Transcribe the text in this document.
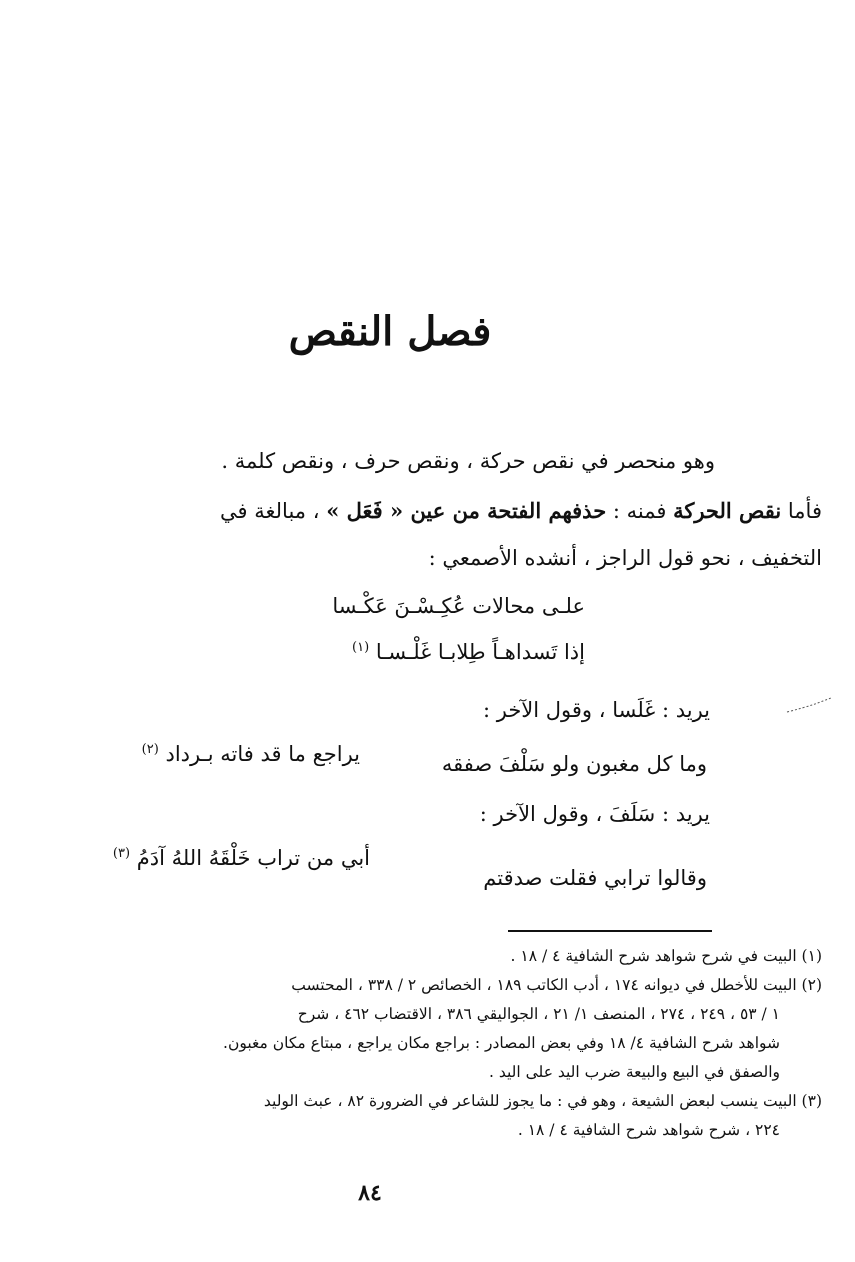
فصل النقص
وهو منحصر في نقص حركة ، ونقص حرف ، ونقص كلمة .
فأما نقص الحركة فمنه : حذفهم الفتحة من عين « فَعَل » ، مبالغة في
التخفيف ، نحو قول الراجز ، أنشده الأصمعي :
علـى محالات عُكِـسْـنَ عَكْـسا
إذا تَسداهـاً طِلابـا غَلْـسـا $^{(١)}$
يريد : غَلَسا ، وقول الآخر :
وما كل مغبون ولو سَلْفَ صفقه
يراجع ما قد فاته بـرداد $^{(٢)}$
يريد : سَلَفَ ، وقول الآخر :
وقالوا ترابي فقلت صدقتم
أبي من تراب خَلْقَهُ اللهُ آدَمُ $^{(٣)}$
(١) البيت في شرح شواهد شرح الشافية ٤ / ١٨ .
(٢) البيت للأخطل في ديوانه ١٧٤ ، أدب الكاتب ١٨٩ ، الخصائص ٢ / ٣٣٨ ، المحتسب
١ / ٥٣ ، ٢٤٩ ، ٢٧٤ ، المنصف ١/ ٢١ ، الجواليقي ٣٨٦ ، الاقتضاب ٤٦٢ ، شرح
شواهد شرح الشافية ٤/ ١٨ وفي بعض المصادر : براجع مكان يراجع ، مبتاع مكان مغبون.
والصفق في البيع والبيعة ضرب اليد على اليد .
(٣) البيت ينسب لبعض الشيعة ، وهو في : ما يجوز للشاعر في الضرورة ٨٢ ، عبث الوليد
٢٢٤ ، شرح شواهد شرح الشافية ٤ / ١٨ .
٨٤
